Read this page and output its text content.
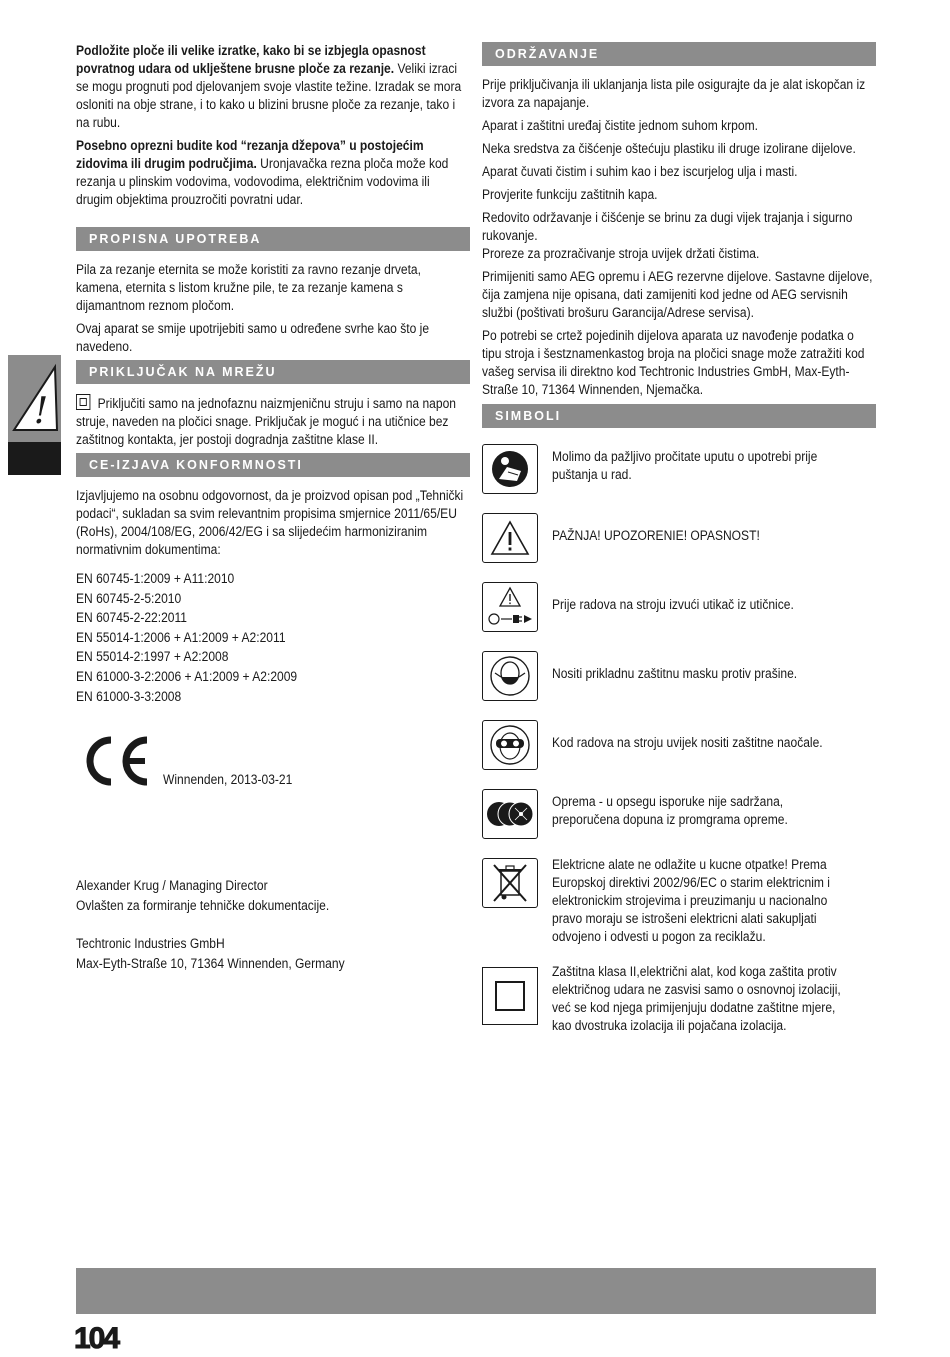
!

Podložite ploče ili velike izratke, kako bi se izbjegla opasnost povratnog udara od uklještene brusne ploče za rezanje. Veliki izraci se mogu prognuti pod djelovanjem svoje vlastite težine. Izradak se mora osloniti na obje strane, i to kako u blizini brusne ploče za rezanje, tako i na rubu.

Posebno oprezni budite kod “rezanja džepova” u postojećim zidovima ili drugim područjima. Uronjavačka rezna ploča može kod rezanja u plinskim vodovima, vodovodima, električnim vodovima ili drugim objektima prouzročiti povratni udar.

PROPISNA UPOTREBA

Pila za rezanje eternita se može koristiti za ravno rezanje drveta, kamena, eternita s listom kružne pile, te za rezanje kamena s dijamantnom reznom pločom.

Ovaj aparat se smije upotrijebiti samo u određene svrhe kao što je navedeno.

PRIKLJUČAK NA MREŽU

Priključiti samo na jednofaznu naizmjeničnu struju i samo na napon struje, naveden na pločici snage. Priključak je moguć i na utičnice bez zaštitnog kontakta, jer postoji dogradnja zaštitne klase II.

CE-IZJAVA KONFORMNOSTI

Izjavljujemo na osobnu odgovornost, da je proizvod opisan pod „Tehnički podaci“, sukladan sa svim relevantnim propisima smjernice 2011/65/EU (RoHs), 2004/108/EG, 2006/42/EG i sa slijedećim harmoniziranim normativnim dokumentima:

EN 60745-1:2009 + A11:2010

EN 60745-2-5:2010

EN 60745-2-22:2011

EN 55014-1:2006 + A1:2009 + A2:2011

EN 55014-2:1997 + A2:2008

EN 61000-3-2:2006 + A1:2009 + A2:2009

EN 61000-3-3:2008

Winnenden, 2013-03-21

Alexander Krug / Managing Director

Ovlašten za formiranje tehničke dokumentacije.

Techtronic Industries GmbH

Max-Eyth-Straße 10, 71364 Winnenden, Germany

ODRŽAVANJE

Prije priključivanja ili uklanjanja lista pile osigurajte da je alat iskopčan iz izvora za napajanje.

Aparat i zaštitni uređaj čistite jednom suhom krpom.

Neka sredstva za čišćenje oštećuju plastiku ili druge izolirane dijelove.

Aparat čuvati čistim i suhim kao i bez iscurjelog ulja i masti.

Provjerite funkciju zaštitnih kapa.

Redovito održavanje i čišćenje se brinu za dugi vijek trajanja i sigurno rukovanje.
Proreze za prozračivanje stroja uvijek držati čistima.

Primijeniti samo AEG opremu i AEG rezervne dijelove. Sastavne dijelove, čija zamjena nije opisana, dati zamijeniti kod jedne od AEG servisnih službi (poštivati brošuru Garancija/Adrese servisa).

Po potrebi se crtež pojedinih dijelova aparata uz navođenje podatka o tipu stroja i šestznamenkastog broja na pločici snage može zatražiti kod vašeg servisa ili direktno kod Techtronic Industries GmbH, Max-Eyth-Straße 10, 71364 Winnenden, Njemačka.

SIMBOLI

Molimo da pažljivo pročitate uputu o upotrebi prije puštanja u rad.

PAŽNJA! UPOZORENIE! OPASNOST!

Prije radova na stroju izvući utikač iz utičnice.

Nositi prikladnu zaštitnu masku protiv prašine.

Kod radova na stroju uvijek nositi zaštitne naočale.

Oprema - u opsegu isporuke nije sadržana, preporučena dopuna iz promgrama opreme.

Elektricne alate ne odlažite u kucne otpatke! Prema Europskoj direktivi 2002/96/EC o starim elektricnim i elektronickim strojevima i preuzimanju u nacionalno pravo moraju se istrošeni elektricni alati sakupljati odvojeno i odvesti u pogon za reciklažu.

Zaštitna klasa II,električni alat, kod koga zaštita protiv električnog udara ne zasvisi samo o osnovnoj izolaciji, već se kod njega primijenjuju dodatne zaštitne mjere, kao dvostruka izolacija ili pojačana izolacija.

104
